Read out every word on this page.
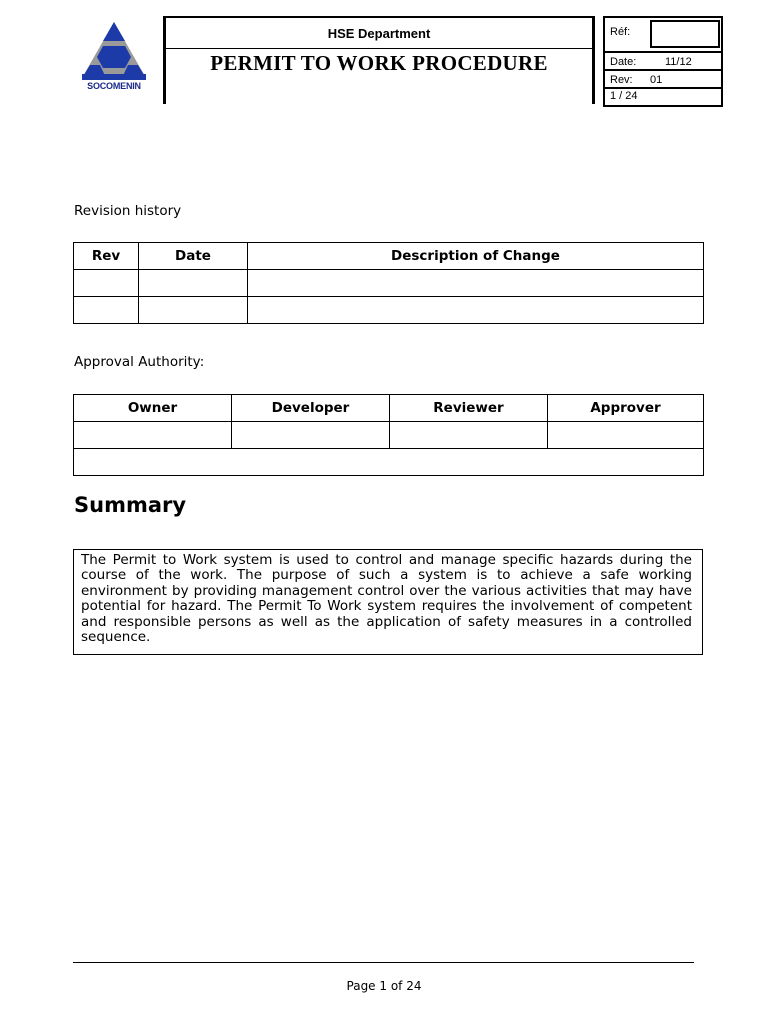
SOCOMENIN
HSE Department
PERMIT TO WORK PROCEDURE
Réf:
Date:	11/12
Rev: 01
1 / 24
Revision history
Rev	Date	Description of Change

Approval Authority:
Owner	Developer	Reviewer	Approver

Summary
The Permit to Work system is used to control and manage specific hazards during the course of the work. The purpose of such a system is to achieve a safe working environment by providing management control over the various activities that may have potential for hazard. The Permit To Work system requires the involvement of competent and responsible persons as well as the application of safety measures in a controlled sequence.
Page 1 of 24
